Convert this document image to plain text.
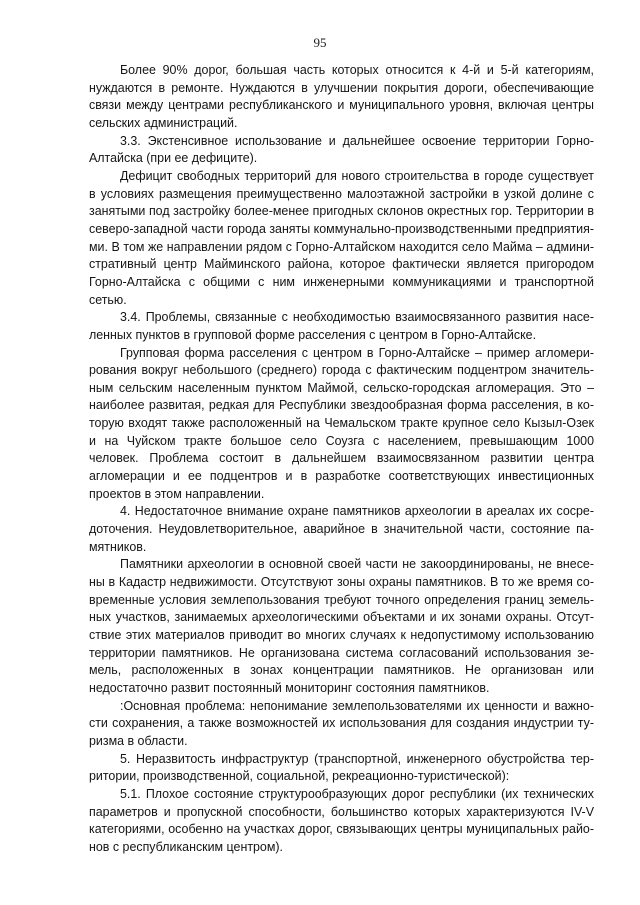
95

Более 90% дорог, большая часть которых относится к 4-й и 5-й категориям, нуждаются в ремонте. Нуждаются в улучшении покрытия дороги, обеспечивающие связи между центрами республиканского и муниципального уровня, включая центры сельских администраций.

3.3. Экстенсивное использование и дальнейшее освоение территории Горно-Алтайска (при ее дефиците).

Дефицит свободных территорий для нового строительства в городе существует в условиях размещения преимущественно малоэтажной застройки в узкой долине с занятыми под застройку более-менее пригодных склонов окрестных гор. Территории в северо-западной части города заняты коммунально-производственными предприятиями. В том же направлении рядом с Горно-Алтайском находится село Майма – административный центр Майминского района, которое фактически является пригородом Горно-Алтайска с общими с ним инженерными коммуникациями и транспортной сетью.

3.4. Проблемы, связанные с необходимостью взаимосвязанного развития населенных пунктов в групповой форме расселения с центром в Горно-Алтайске.

Групповая форма расселения с центром в Горно-Алтайске – пример агломерирования вокруг небольшого (среднего) города с фактическим подцентром значительным сельским населенным пунктом Маймой, сельско-городская агломерация. Это – наиболее развитая, редкая для Республики звездообразная форма расселения, в которую входят также расположенный на Чемальском тракте крупное село Кызыл-Озек и на Чуйском тракте большое село Соузга с населением, превышающим 1000 человек. Проблема состоит в дальнейшем взаимосвязанном развитии центра агломерации и ее подцентров и в разработке соответствующих инвестиционных проектов в этом направлении.

4. Недостаточное внимание охране памятников археологии в ареалах их сосредоточения. Неудовлетворительное, аварийное в значительной части, состояние памятников.

Памятники археологии в основной своей части не закоординированы, не внесены в Кадастр недвижимости. Отсутствуют зоны охраны памятников. В то же время современные условия землепользования требуют точного определения границ земельных участков, занимаемых археологическими объектами и их зонами охраны. Отсутствие этих материалов приводит во многих случаях к недопустимому использованию территории памятников. Не организована система согласований использования земель, расположенных в зонах концентрации памятников. Не организован или недостаточно развит постоянный мониторинг состояния памятников.

:Основная проблема: непонимание землепользователями их ценности и важности сохранения, а также возможностей их использования для создания индустрии туризма в области.

5. Неразвитость инфраструктур (транспортной, инженерного обустройства территории, производственной, социальной, рекреационно-туристической):

5.1. Плохое состояние структурообразующих дорог республики (их технических параметров и пропускной способности, большинство которых характеризуются IV-V категориями, особенно на участках дорог, связывающих центры муниципальных районов с республиканским центром).
